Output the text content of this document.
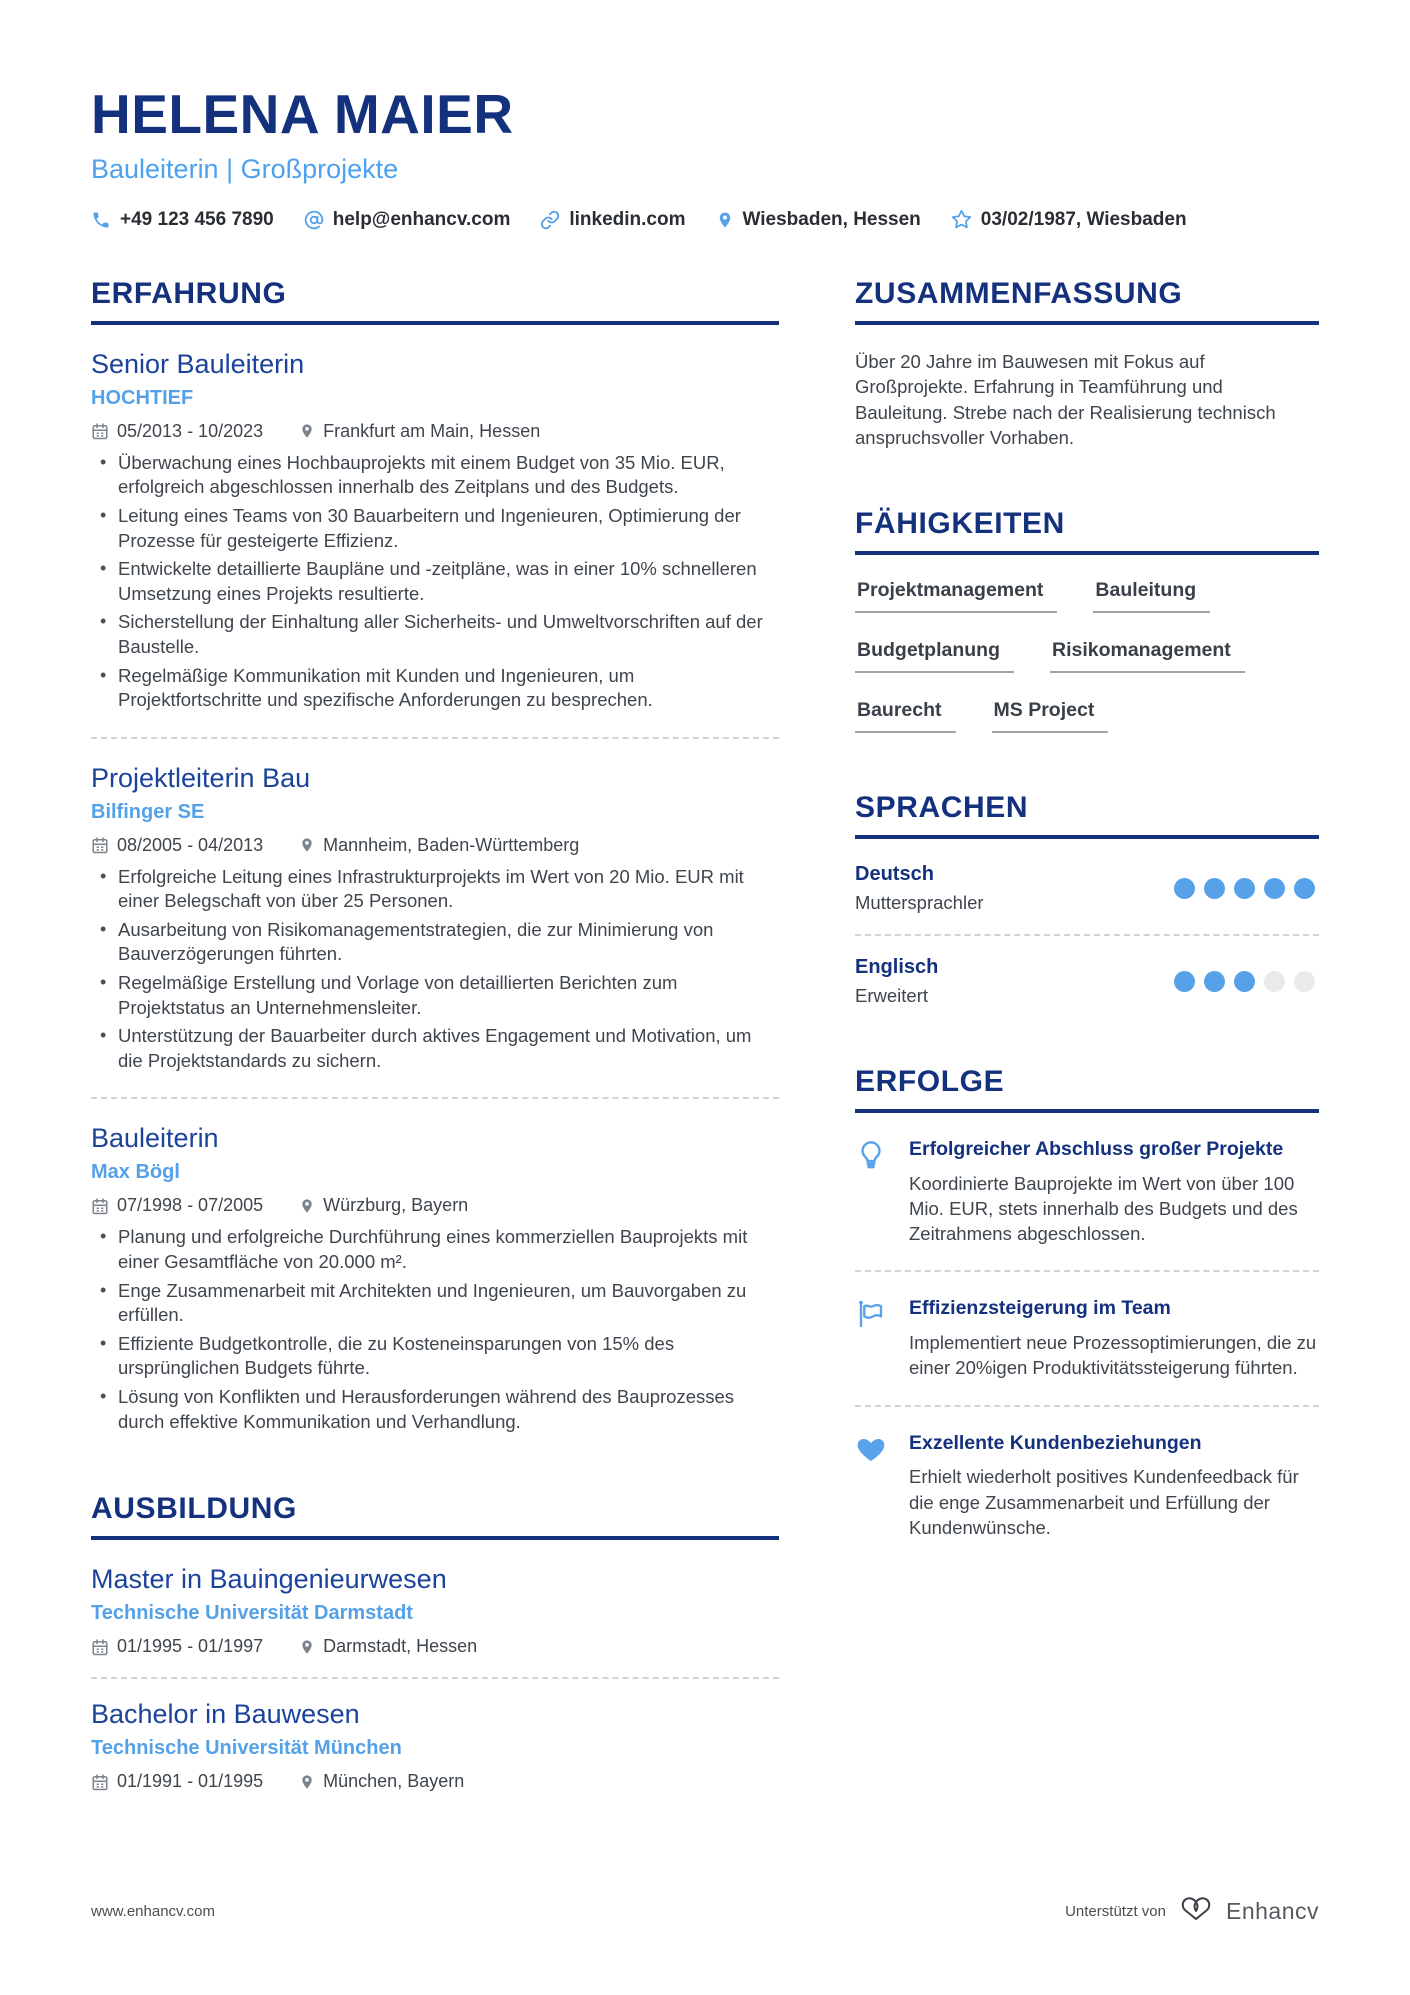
HELENA MAIER
Bauleiterin | Großprojekte
+49 123 456 7890	help@enhancv.com	linkedin.com	Wiesbaden, Hessen	03/02/1987, Wiesbaden
ERFAHRUNG
Senior Bauleiterin
HOCHTIEF
05/2013 - 10/2023	Frankfurt am Main, Hessen
• Überwachung eines Hochbauprojekts mit einem Budget von 35 Mio. EUR, erfolgreich abgeschlossen innerhalb des Zeitplans und des Budgets.
• Leitung eines Teams von 30 Bauarbeitern und Ingenieuren, Optimierung der Prozesse für gesteigerte Effizienz.
• Entwickelte detaillierte Baupläne und -zeitpläne, was in einer 10% schnelleren Umsetzung eines Projekts resultierte.
• Sicherstellung der Einhaltung aller Sicherheits- und Umweltvorschriften auf der Baustelle.
• Regelmäßige Kommunikation mit Kunden und Ingenieuren, um Projektfortschritte und spezifische Anforderungen zu besprechen.
Projektleiterin Bau
Bilfinger SE
08/2005 - 04/2013	Mannheim, Baden-Württemberg
• Erfolgreiche Leitung eines Infrastrukturprojekts im Wert von 20 Mio. EUR mit einer Belegschaft von über 25 Personen.
• Ausarbeitung von Risikomanagementstrategien, die zur Minimierung von Bauverzögerungen führten.
• Regelmäßige Erstellung und Vorlage von detaillierten Berichten zum Projektstatus an Unternehmensleiter.
• Unterstützung der Bauarbeiter durch aktives Engagement und Motivation, um die Projektstandards zu sichern.
Bauleiterin
Max Bögl
07/1998 - 07/2005	Würzburg, Bayern
• Planung und erfolgreiche Durchführung eines kommerziellen Bauprojekts mit einer Gesamtfläche von 20.000 m².
• Enge Zusammenarbeit mit Architekten und Ingenieuren, um Bauvorgaben zu erfüllen.
• Effiziente Budgetkontrolle, die zu Kosteneinsparungen von 15% des ursprünglichen Budgets führte.
• Lösung von Konflikten und Herausforderungen während des Bauprozesses durch effektive Kommunikation und Verhandlung.
AUSBILDUNG
Master in Bauingenieurwesen
Technische Universität Darmstadt
01/1995 - 01/1997	Darmstadt, Hessen
Bachelor in Bauwesen
Technische Universität München
01/1991 - 01/1995	München, Bayern
ZUSAMMENFASSUNG
Über 20 Jahre im Bauwesen mit Fokus auf Großprojekte. Erfahrung in Teamführung und Bauleitung. Strebe nach der Realisierung technisch anspruchsvoller Vorhaben.
FÄHIGKEITEN
Projektmanagement	Bauleitung
Budgetplanung	Risikomanagement
Baurecht	MS Project
SPRACHEN
Deutsch
Muttersprachler
Englisch
Erweitert
ERFOLGE
Erfolgreicher Abschluss großer Projekte
Koordinierte Bauprojekte im Wert von über 100 Mio. EUR, stets innerhalb des Budgets und des Zeitrahmens abgeschlossen.
Effizienzsteigerung im Team
Implementiert neue Prozessoptimierungen, die zu einer 20%igen Produktivitätssteigerung führten.
Exzellente Kundenbeziehungen
Erhielt wiederholt positives Kundenfeedback für die enge Zusammenarbeit und Erfüllung der Kundenwünsche.
www.enhancv.com	Unterstützt von	Enhancv
